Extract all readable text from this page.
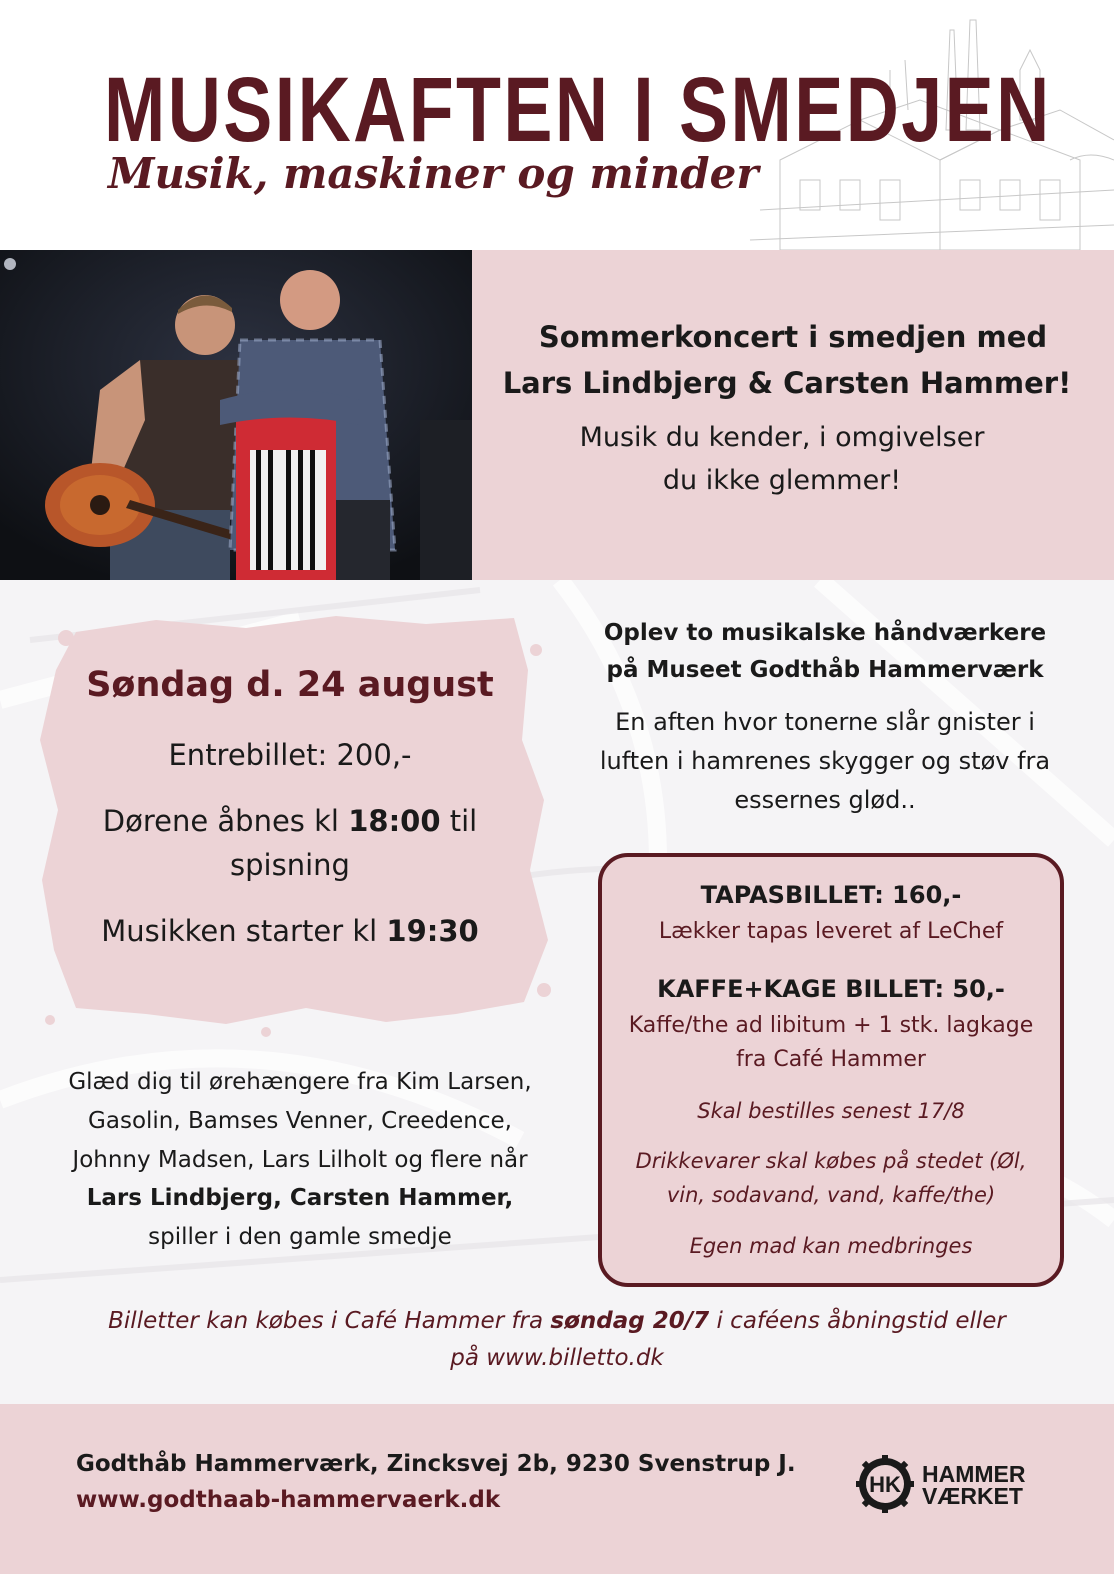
MUSIKAFTEN I SMEDJEN
Musik, maskiner og minder
Sommerkoncert i smedjen med
Lars Lindbjerg & Carsten Hammer!
Musik du kender, i omgivelser
du ikke glemmer!
Søndag d. 24 august
Entrebillet: 200,-
Dørene åbnes kl 18:00 til
spisning
Musikken starter kl 19:30
Glæd dig til ørehængere fra Kim Larsen,
Gasolin, Bamses Venner, Creedence,
Johnny Madsen, Lars Lilholt og flere når
Lars Lindbjerg, Carsten Hammer,
spiller i den gamle smedje
Oplev to musikalske håndværkere
på Museet Godthåb Hammerværk
En aften hvor tonerne slår gnister i
luften i hamrenes skygger og støv fra
essernes glød..
TAPASBILLET: 160,-
Lækker tapas leveret af LeChef
KAFFE+KAGE BILLET: 50,-
Kaffe/the ad libitum + 1 stk. lagkage
fra Café Hammer
Skal bestilles senest 17/8
Drikkevarer skal købes på stedet (Øl,
vin, sodavand, vand, kaffe/the)
Egen mad kan medbringes
Billetter kan købes i Café Hammer fra søndag 20/7 i caféens åbningstid eller
på www.billetto.dk
Godthåb Hammerværk, Zincksvej 2b, 9230 Svenstrup J.
www.godthaab-hammervaerk.dk
HK HAMMER
VÆRKET
